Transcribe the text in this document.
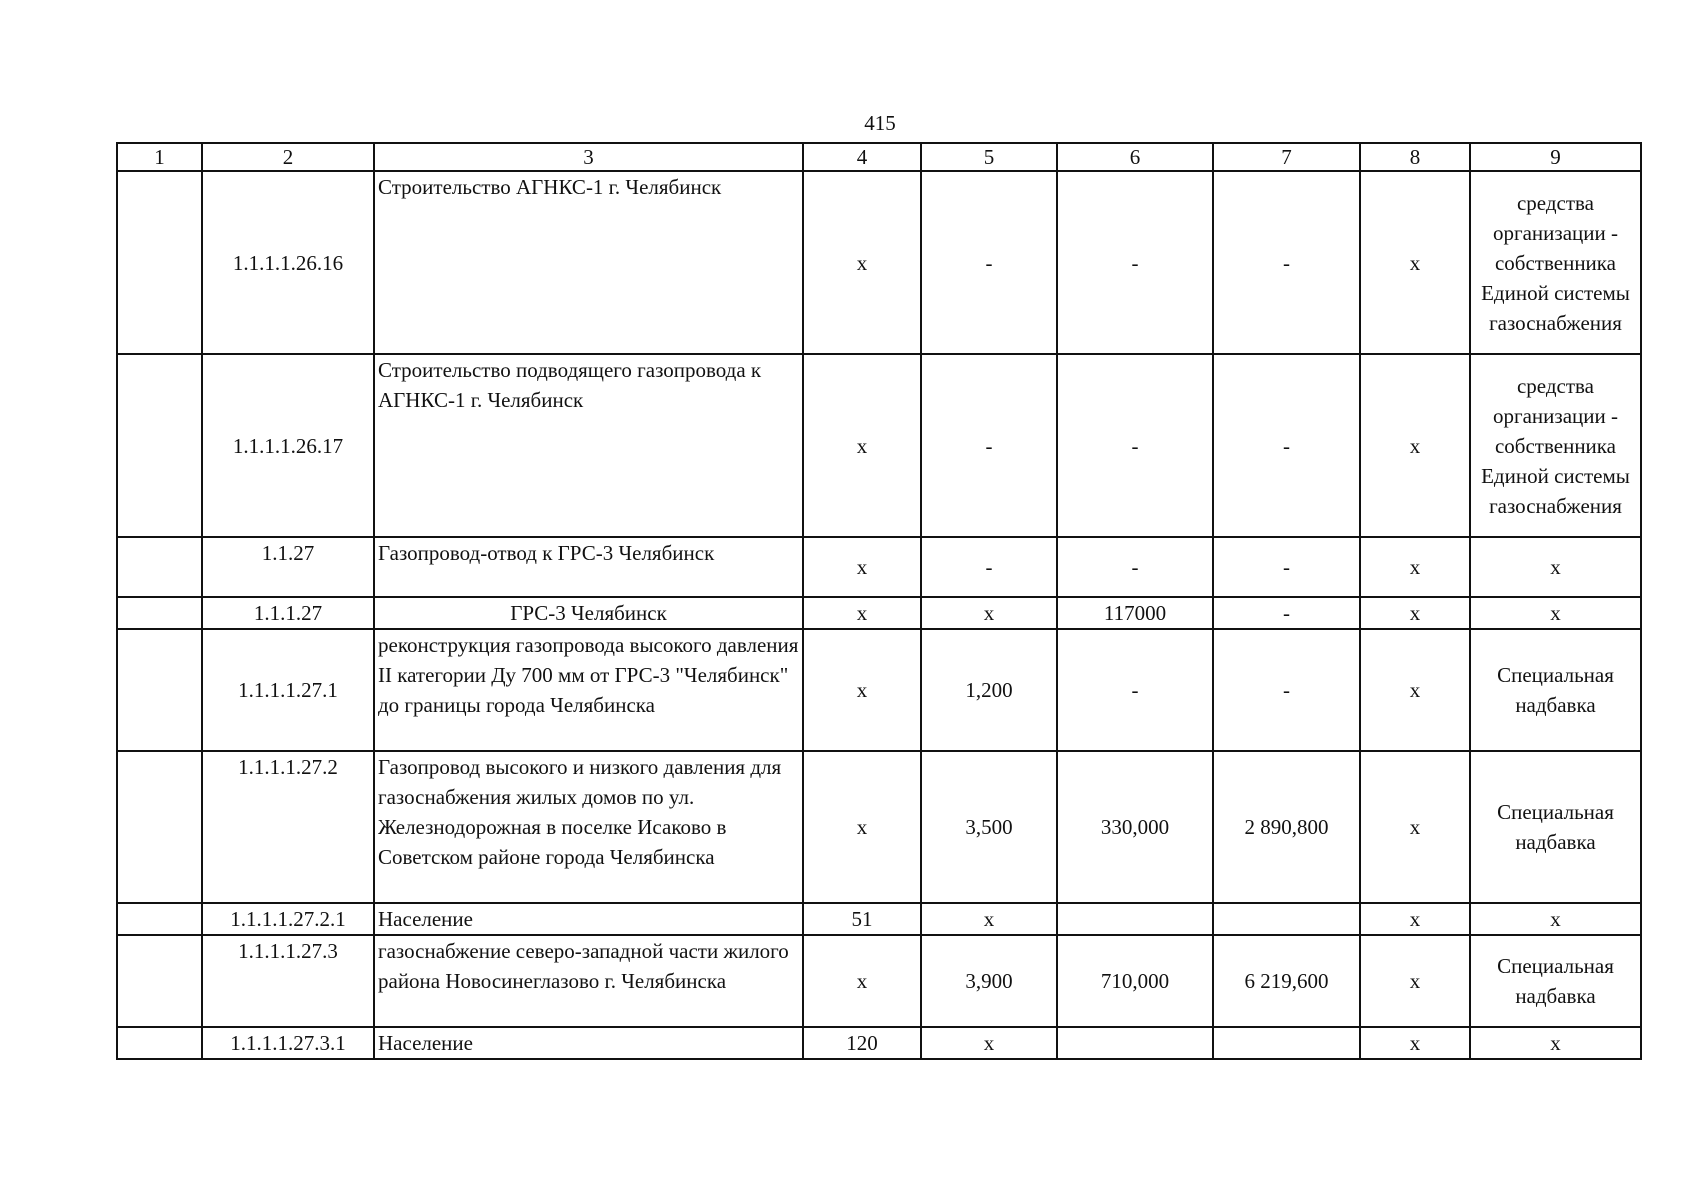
415
1	2	3	4	5	6	7	8	9
	1.1.1.1.26.16	Строительство АГНКС-1 г. Челябинск	х	-	-	-	х	средства организации - собственника Единой системы газоснабжения
	1.1.1.1.26.17	Строительство подводящего газопровода к АГНКС-1 г. Челябинск	х	-	-	-	х	средства организации - собственника Единой системы газоснабжения
	1.1.27	Газопровод-отвод к ГРС-3 Челябинск	х	-	-	-	х	х
	1.1.1.27	ГРС-3 Челябинск	х	х	117000	-	х	х
	1.1.1.1.27.1	реконструкция газопровода высокого давления II категории Ду 700 мм от ГРС-3 "Челябинск" до границы города Челябинска	х	1,200	-	-	х	Специальная надбавка
	1.1.1.1.27.2	Газопровод высокого и низкого давления для газоснабжения жилых домов по ул. Железнодорожная в поселке Исаково в Советском районе города Челябинска	х	3,500	330,000	2 890,800	х	Специальная надбавка
	1.1.1.1.27.2.1	Население	51	х			х	х
	1.1.1.1.27.3	газоснабжение северо-западной части жилого района Новосинеглазово г. Челябинска	х	3,900	710,000	6 219,600	х	Специальная надбавка
	1.1.1.1.27.3.1	Население	120	х			х	х
